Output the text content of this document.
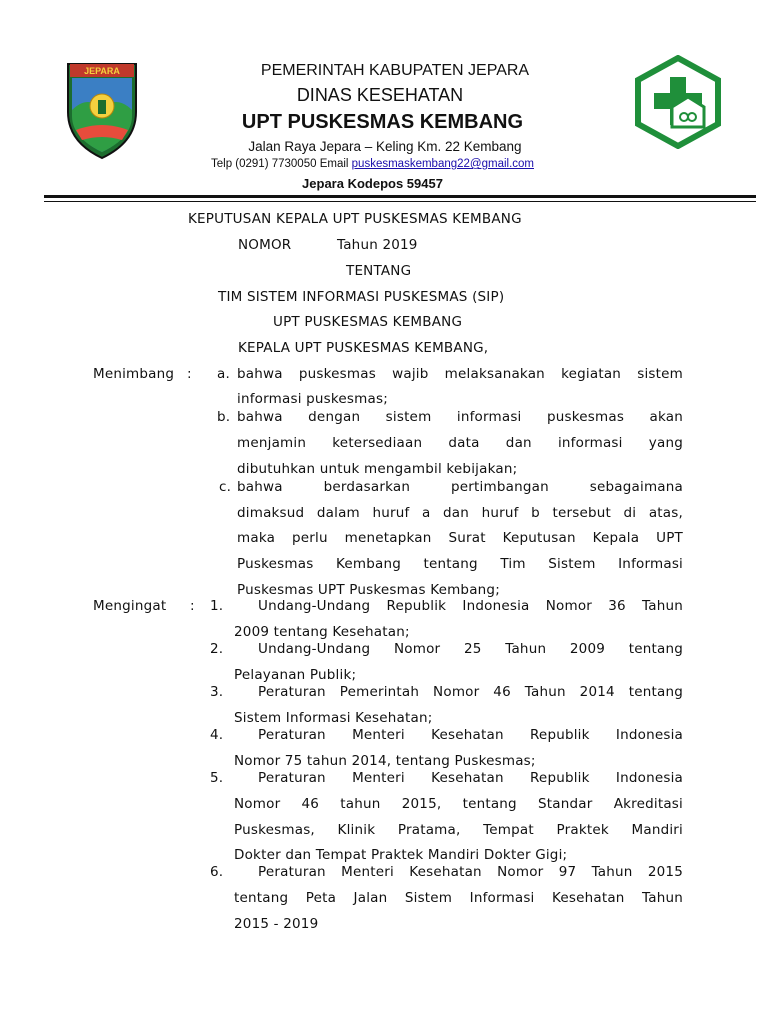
JEPARA	PEMERINTAH KABUPATEN JEPARA
DINAS KESEHATAN
UPT PUSKESMAS KEMBANG
Jalan Raya Jepara – Keling Km. 22 Kembang
Telp (0291) 7730050 Email puskesmaskembang22@gmail.com
Jepara Kodepos 59457
KEPUTUSAN KEPALA UPT PUSKESMAS KEMBANG
NOMOR	Tahun 2019
TENTANG
TIM SISTEM INFORMASI PUSKESMAS (SIP)
UPT PUSKESMAS KEMBANG
KEPALA UPT PUSKESMAS KEMBANG,
Menimbang : a. bahwa puskesmas wajib melaksanakan kegiatan sistem
informasi puskesmas;
b. bahwa dengan sistem informasi puskesmas akan
menjamin ketersediaan data dan informasi yang
dibutuhkan untuk mengambil kebijakan;
c. bahwa berdasarkan pertimbangan sebagaimana
dimaksud dalam huruf a dan huruf b tersebut di atas,
maka perlu menetapkan Surat Keputusan Kepala UPT
Puskesmas Kembang tentang Tim Sistem Informasi
Puskesmas UPT Puskesmas Kembang;
Mengingat : 1.	Undang-Undang Republik Indonesia Nomor 36 Tahun
2009 tentang Kesehatan;
2.	Undang-Undang Nomor 25 Tahun 2009 tentang
Pelayanan Publik;
3.	Peraturan Pemerintah Nomor 46 Tahun 2014 tentang
Sistem Informasi Kesehatan;
4.	Peraturan Menteri Kesehatan Republik Indonesia
Nomor 75 tahun 2014, tentang Puskesmas;
5.	Peraturan Menteri Kesehatan Republik Indonesia
Nomor 46 tahun 2015, tentang Standar Akreditasi
Puskesmas, Klinik Pratama, Tempat Praktek Mandiri
Dokter dan Tempat Praktek Mandiri Dokter Gigi;
6.	Peraturan Menteri Kesehatan Nomor 97 Tahun 2015
tentang Peta Jalan Sistem Informasi Kesehatan Tahun
2015 - 2019
